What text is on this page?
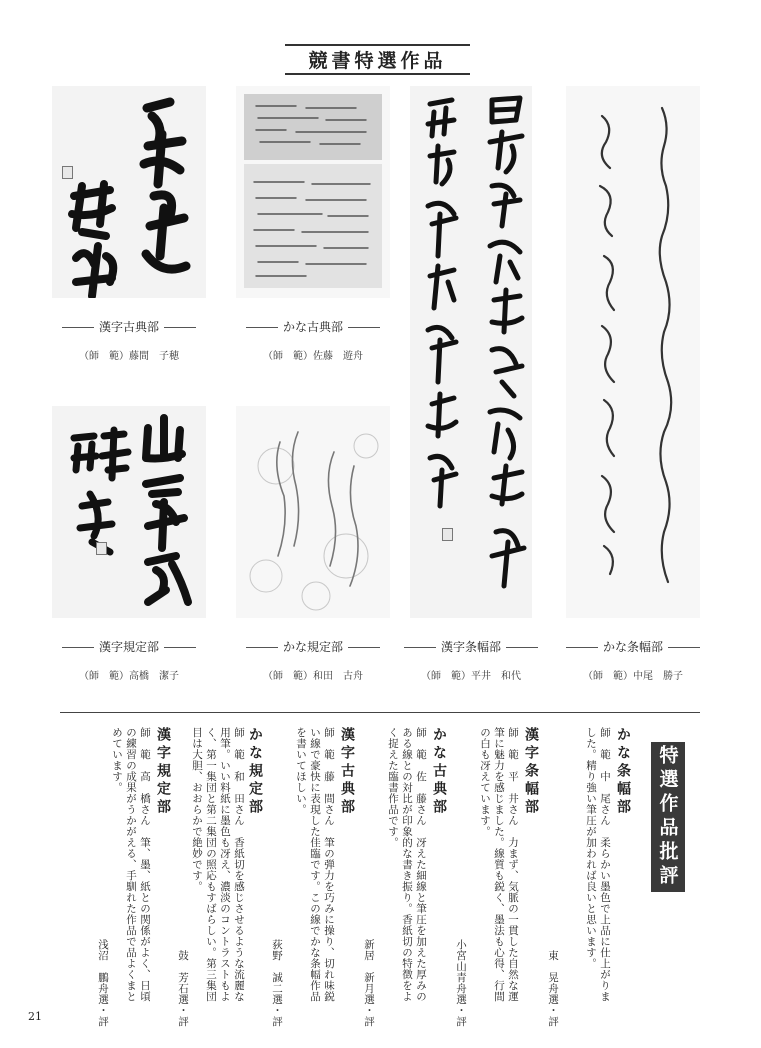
競書特選作品
漢字古典部
（師　範）藤間　子穂
かな古典部
（師　範）佐藤　遊舟
漢字規定部
（師　範）高橋　潔子
かな規定部
（師　範）和田　古舟
漢字条幅部
（師　範）平井　和代
かな条幅部
（師　範）中尾　勝子
特選作品批評
かな条幅部
師　範　中　尾さん　柔らかい墨色で上品に仕上がりました。精り強い筆圧が加われば良いと思います。
東　晃舟選・評
漢字条幅部
師　範　平　井さん　力まず、気脈の一貫した自然な運筆に魅力を感じました。線質も鋭く、墨法も心得、行間の白も冴えています。
小宮山青舟選・評
かな古典部
師　範　佐　藤さん　冴えた細線と筆圧を加えた厚みのある線との対比が印象的な書き振り。香紙切の特徴をよく捉えた臨書作品です。
新居　新月選・評
漢字古典部
師　範　藤　間さん　筆の弾力を巧みに操り、切れ味鋭い線で豪快に表現した佳臨です。この線でかな条幅作品を書いてほしい。
荻野　誠二選・評
かな規定部
師　範　和　田さん　香紙切を感じさせるような流麗な用筆。いい料紙に墨色も冴え、濃淡のコントラストもよく、第一集団と第二集団の照応もすばらしい。第三集団目は大胆、おおらかで絶妙です。
鼓　芳石選・評
漢字規定部
師　範　高　橋さん　筆、墨、紙との関係がよく、日頃の練習の成果がうかがえる、手馴れた作品で品よくまとめています。
浅沼　鵬舟選・評
21
